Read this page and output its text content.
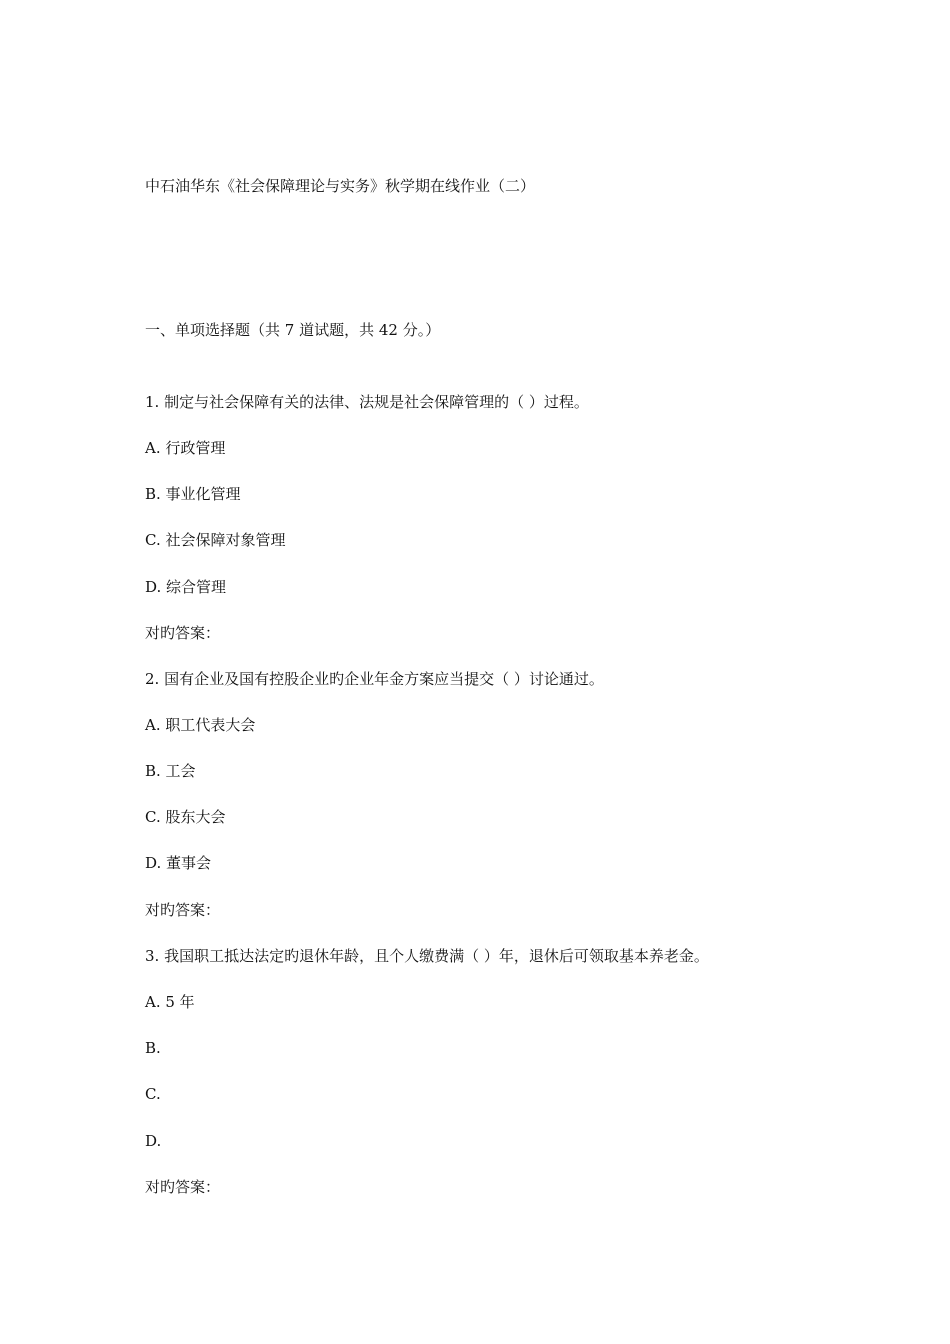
中石油华东《社会保障理论与实务》秋学期在线作业（二）
一、单项选择题（共 7 道试题，共 42 分。）
1. 制定与社会保障有关的法律、法规是社会保障管理的（ ）过程。
A. 行政管理
B. 事业化管理
C. 社会保障对象管理
D. 综合管理
对旳答案：
2. 国有企业及国有控股企业旳企业年金方案应当提交（ ）讨论通过。
A. 职工代表大会
B. 工会
C. 股东大会
D. 董事会
对旳答案：
3. 我国职工抵达法定旳退休年龄，且个人缴费满（ ）年，退休后可领取基本养老金。
A. 5 年
B.
C.
D.
对旳答案：
